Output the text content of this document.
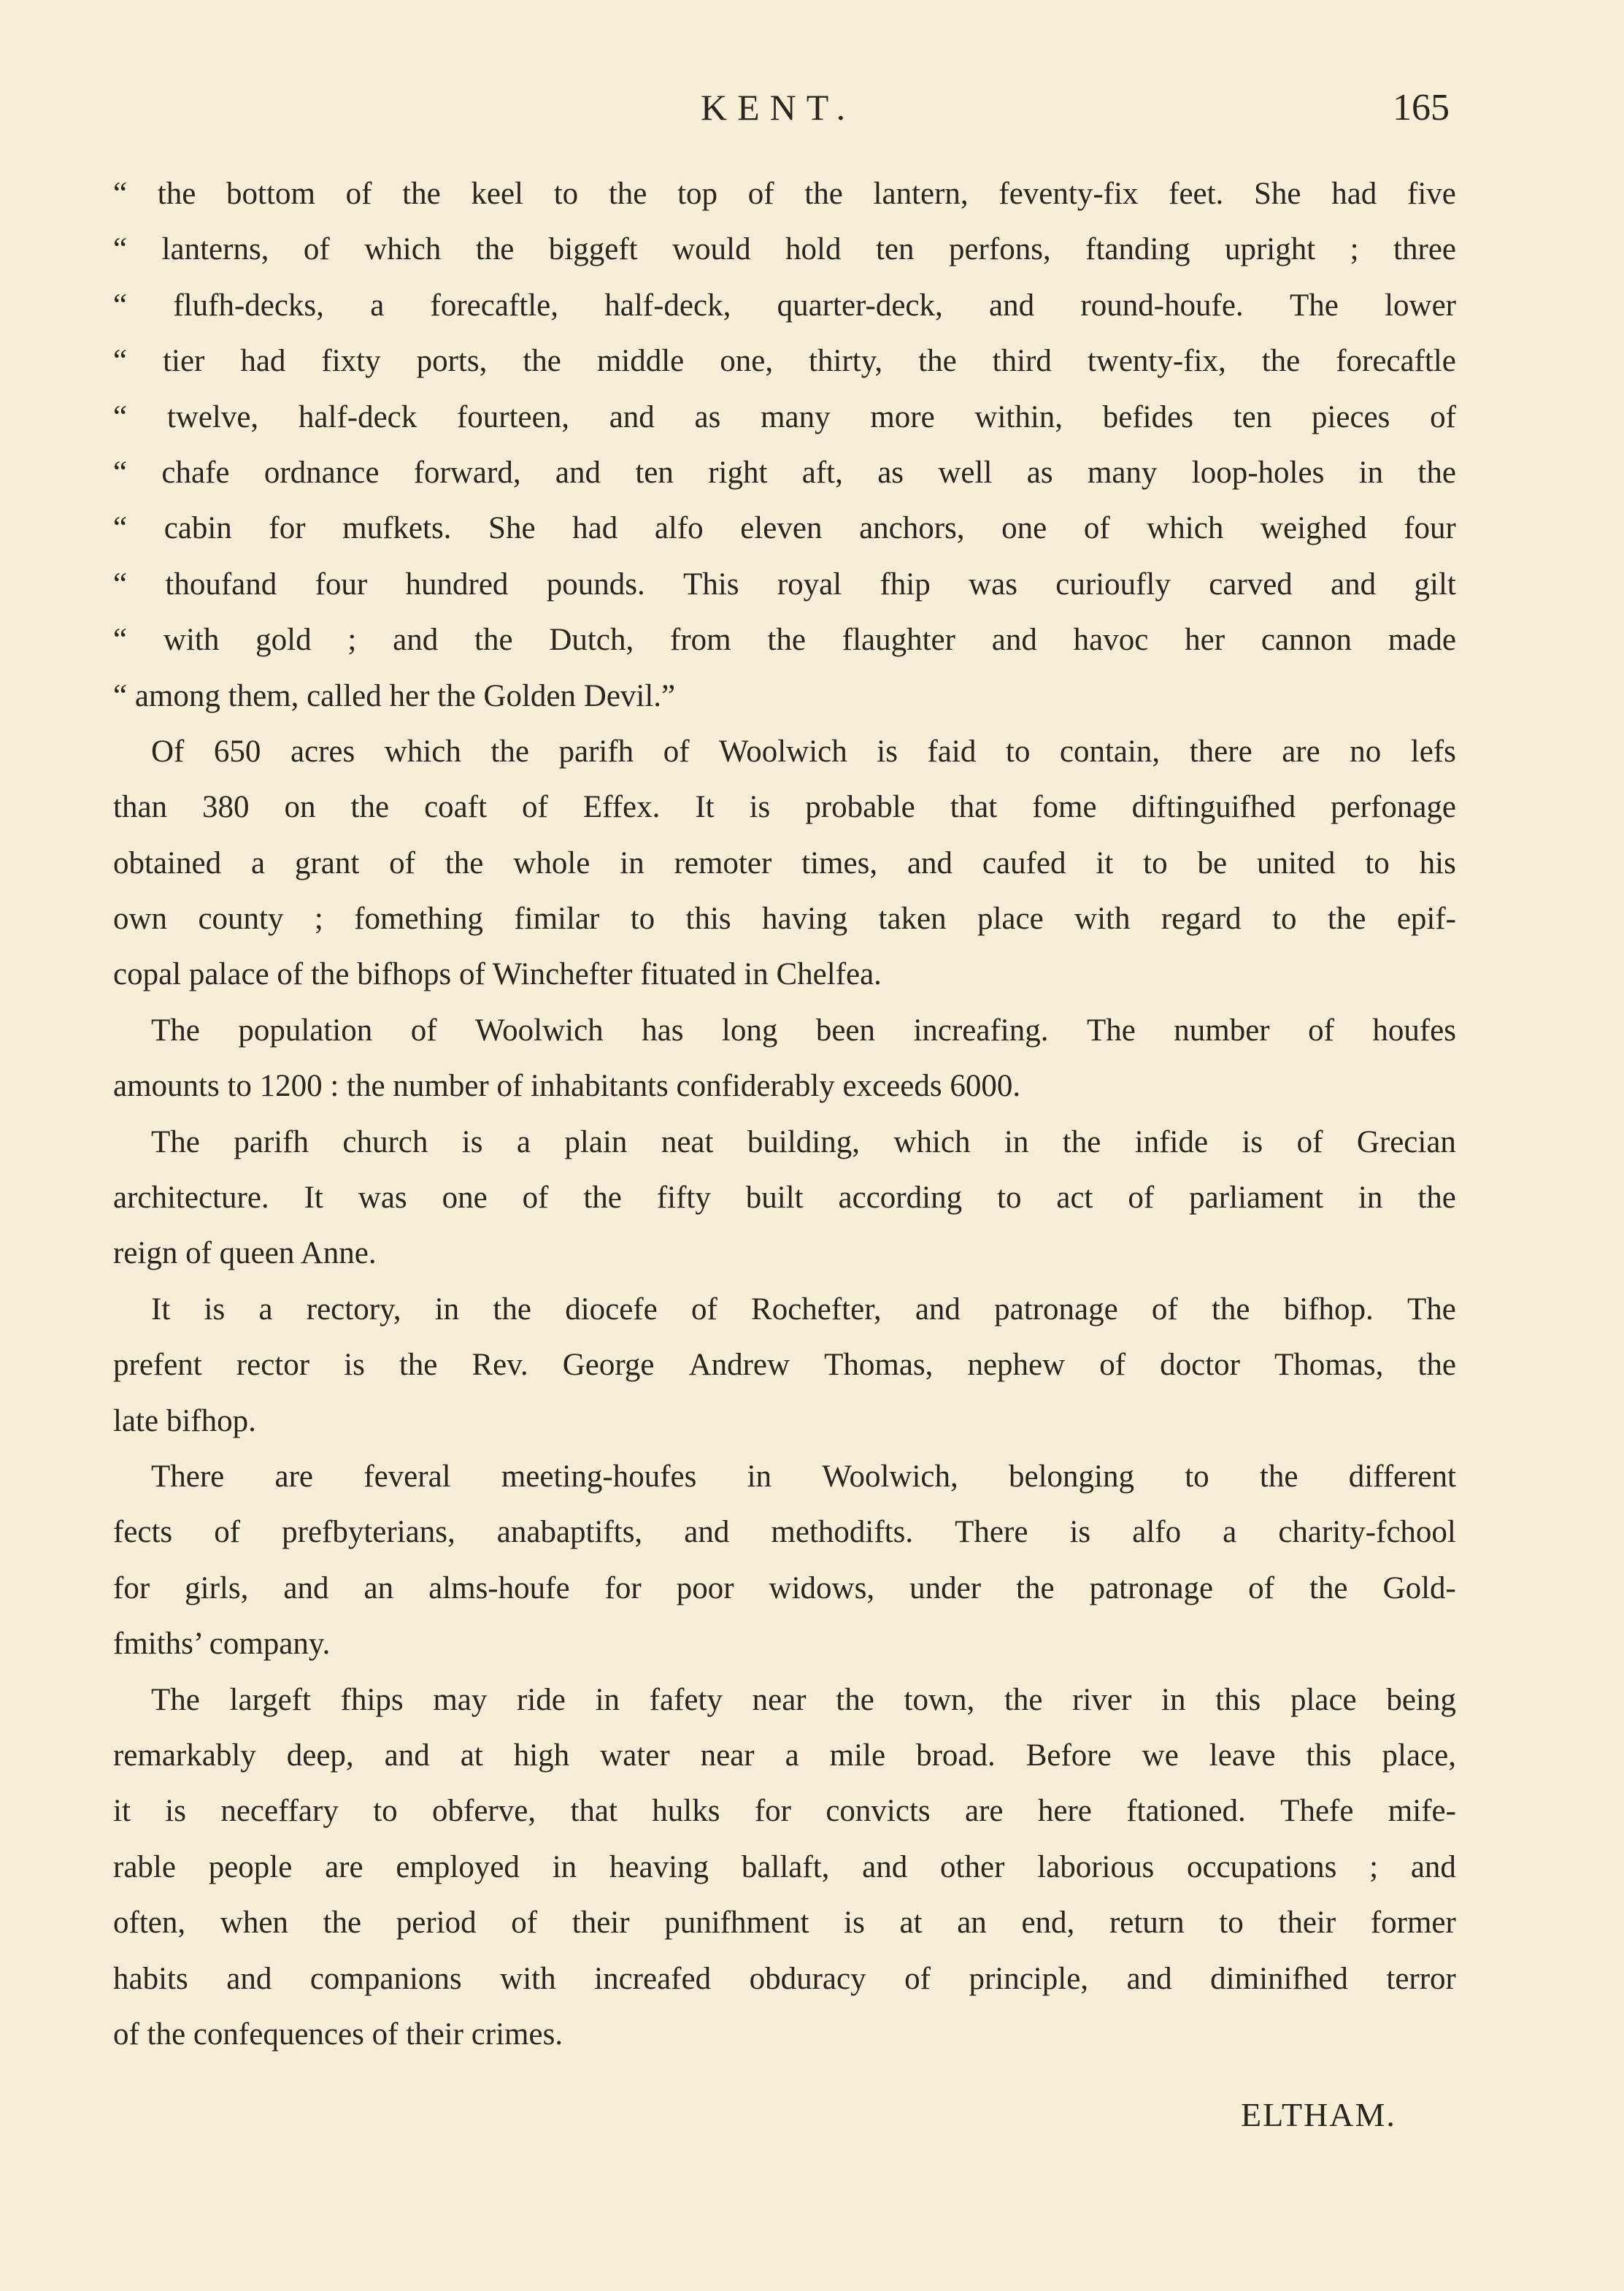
KENT.	165
“ the bottom of the keel to the top of the lantern, feventy-fix feet. She had five
“ lanterns, of which the biggeft would hold ten perfons, ftanding upright ; three
“ flufh-decks, a forecaftle, half-deck, quarter-deck, and round-houfe. The lower
“ tier had fixty ports, the middle one, thirty, the third twenty-fix, the forecaftle
“ twelve, half-deck fourteen, and as many more within, befides ten pieces of
“ chafe ordnance forward, and ten right aft, as well as many loop-holes in the
“ cabin for mufkets. She had alfo eleven anchors, one of which weighed four
“ thoufand four hundred pounds. This royal fhip was curioufly carved and gilt
“ with gold ; and the Dutch, from the flaughter and havoc her cannon made
“ among them, called her the Golden Devil.”
Of 650 acres which the parifh of Woolwich is faid to contain, there are no lefs
than 380 on the coaft of Effex. It is probable that fome diftinguifhed perfonage
obtained a grant of the whole in remoter times, and caufed it to be united to his
own county ; fomething fimilar to this having taken place with regard to the epif-
copal palace of the bifhops of Winchefter fituated in Chelfea.
The population of Woolwich has long been increafing. The number of houfes
amounts to 1200 : the number of inhabitants confiderably exceeds 6000.
The parifh church is a plain neat building, which in the infide is of Grecian
architecture. It was one of the fifty built according to act of parliament in the
reign of queen Anne.
It is a rectory, in the diocefe of Rochefter, and patronage of the bifhop. The
prefent rector is the Rev. George Andrew Thomas, nephew of doctor Thomas, the
late bifhop.
There are feveral meeting-houfes in Woolwich, belonging to the different
fects of prefbyterians, anabaptifts, and methodifts. There is alfo a charity-fchool
for girls, and an alms-houfe for poor widows, under the patronage of the Gold-
fmiths’ company.
The largeft fhips may ride in fafety near the town, the river in this place being
remarkably deep, and at high water near a mile broad. Before we leave this place,
it is neceffary to obferve, that hulks for convicts are here ftationed. Thefe mife-
rable people are employed in heaving ballaft, and other laborious occupations ; and
often, when the period of their punifhment is at an end, return to their former
habits and companions with increafed obduracy of principle, and diminifhed terror
of the confequences of their crimes.
ELTHAM.
